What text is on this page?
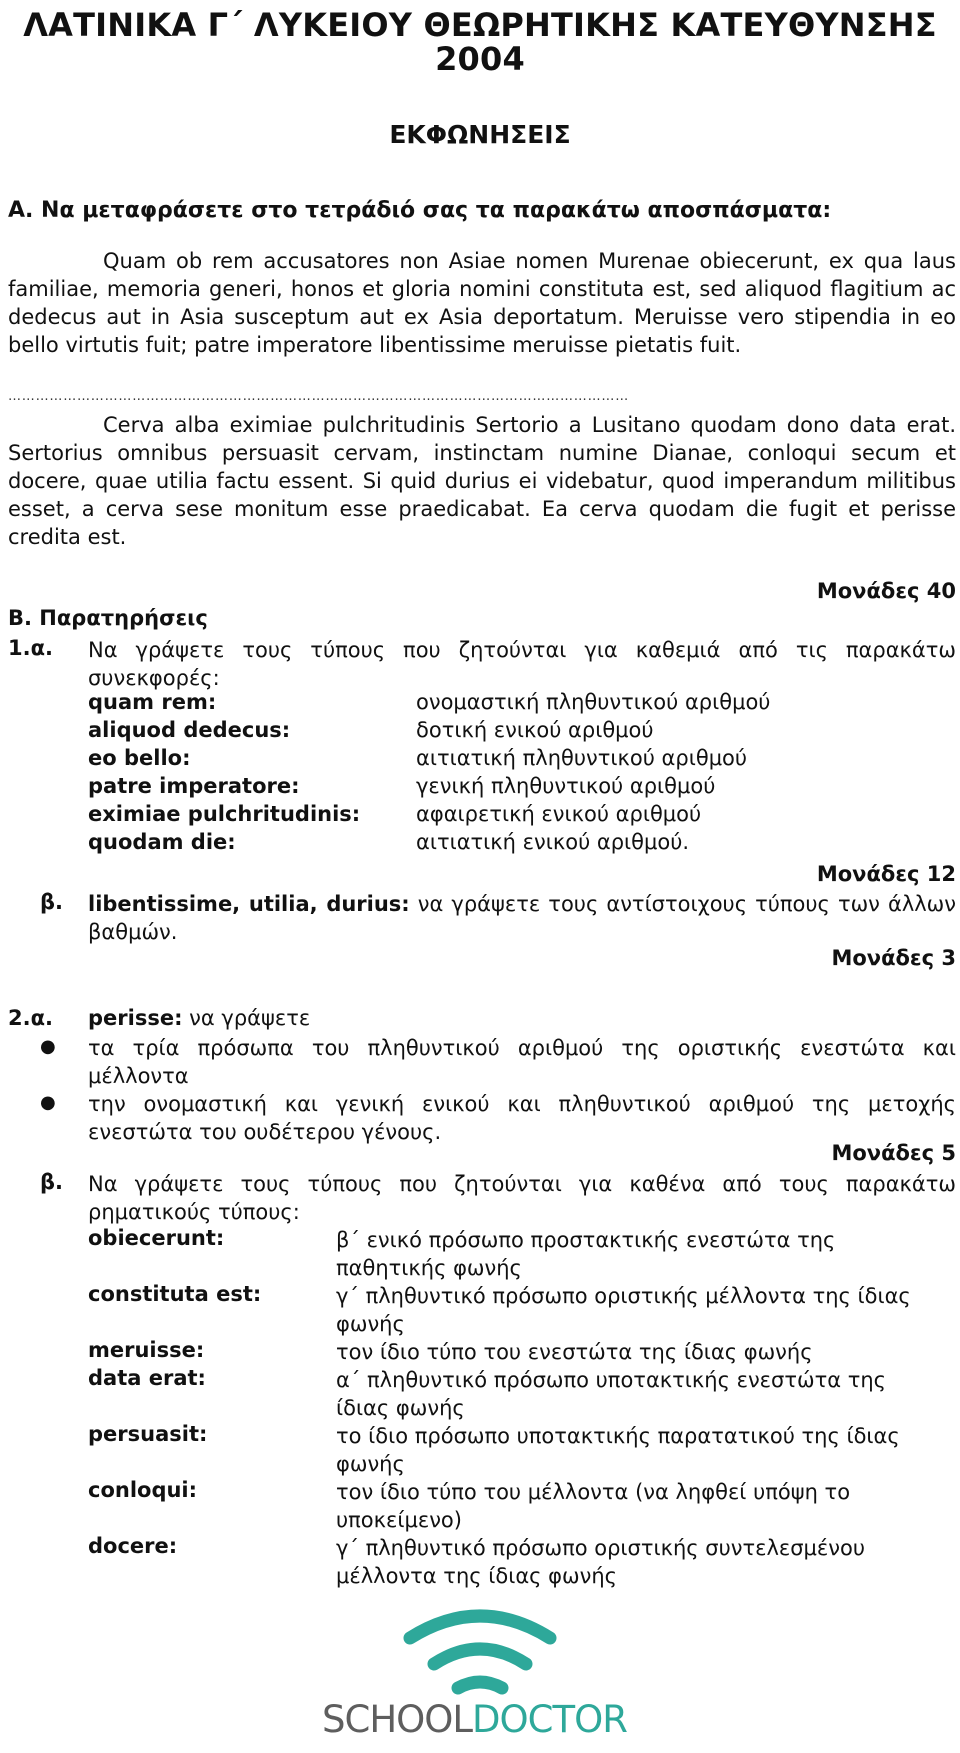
ΛΑΤΙΝΙΚΑ Γ΄ ΛΥΚΕΙΟΥ ΘΕΩΡΗΤΙΚΗΣ ΚΑΤΕΥΘΥΝΣΗΣ
2004
ΕΚΦΩΝΗΣΕΙΣ
Α. Να μεταφράσετε στο τετράδιό σας τα παρακάτω αποσπάσματα:
Quam ob rem accusatores non Asiae nomen Murenae obiecerunt, ex qua laus familiae, memoria generi, honos et gloria nomini constituta est, sed aliquod flagitium ac dedecus aut in Asia susceptum aut ex Asia deportatum. Meruisse vero stipendia in eo bello virtutis fuit; patre imperatore libentissime meruisse pietatis fuit.
………………………………………………………………………………………………………………………
Cerva alba eximiae pulchritudinis Sertorio a Lusitano quodam dono data erat. Sertorius omnibus persuasit cervam, instinctam numine Dianae, conloqui secum et docere, quae utilia factu essent. Si quid durius ei videbatur, quod imperandum militibus esset, a cerva sese monitum esse praedicabat. Ea cerva quodam die fugit et perisse credita est.
Μονάδες 40
Β. Παρατηρήσεις
1.α. Να γράψετε τους τύπους που ζητούνται για καθεμιά από τις παρακάτω συνεκφορές:
quam rem:	ονομαστική πληθυντικού αριθμού
aliquod dedecus:	δοτική ενικού αριθμού
eo bello:	αιτιατική πληθυντικού αριθμού
patre imperatore:	γενική πληθυντικού αριθμού
eximiae pulchritudinis:	αφαιρετική ενικού αριθμού
quodam die:	αιτιατική ενικού αριθμού.
Μονάδες 12
β. libentissime, utilia, durius: να γράψετε τους αντίστοιχους τύπους των άλλων βαθμών.
Μονάδες 3
2.α. perisse: να γράψετε
● τα τρία πρόσωπα του πληθυντικού αριθμού της οριστικής ενεστώτα και μέλλοντα
● την ονομαστική και γενική ενικού και πληθυντικού αριθμού της μετοχής ενεστώτα του ουδέτερου γένους.
Μονάδες 5
β. Να γράψετε τους τύπους που ζητούνται για καθένα από τους παρακάτω ρηματικούς τύπους:
obiecerunt:	β΄ ενικό πρόσωπο προστακτικής ενεστώτα της παθητικής φωνής
constituta est:	γ΄ πληθυντικό πρόσωπο οριστικής μέλλοντα της ίδιας φωνής
meruisse:	τον ίδιο τύπο του ενεστώτα της ίδιας φωνής
data erat:	α΄ πληθυντικό πρόσωπο υποτακτικής ενεστώτα της ίδιας φωνής
persuasit:	το ίδιο πρόσωπο υποτακτικής παρατατικού της ίδιας φωνής
conloqui:	τον ίδιο τύπο του μέλλοντα (να ληφθεί υπόψη το υποκείμενο)
docere:	γ΄ πληθυντικό πρόσωπο οριστικής συντελεσμένου μέλλοντα της ίδιας φωνής
SCHOOLDOCTOR
